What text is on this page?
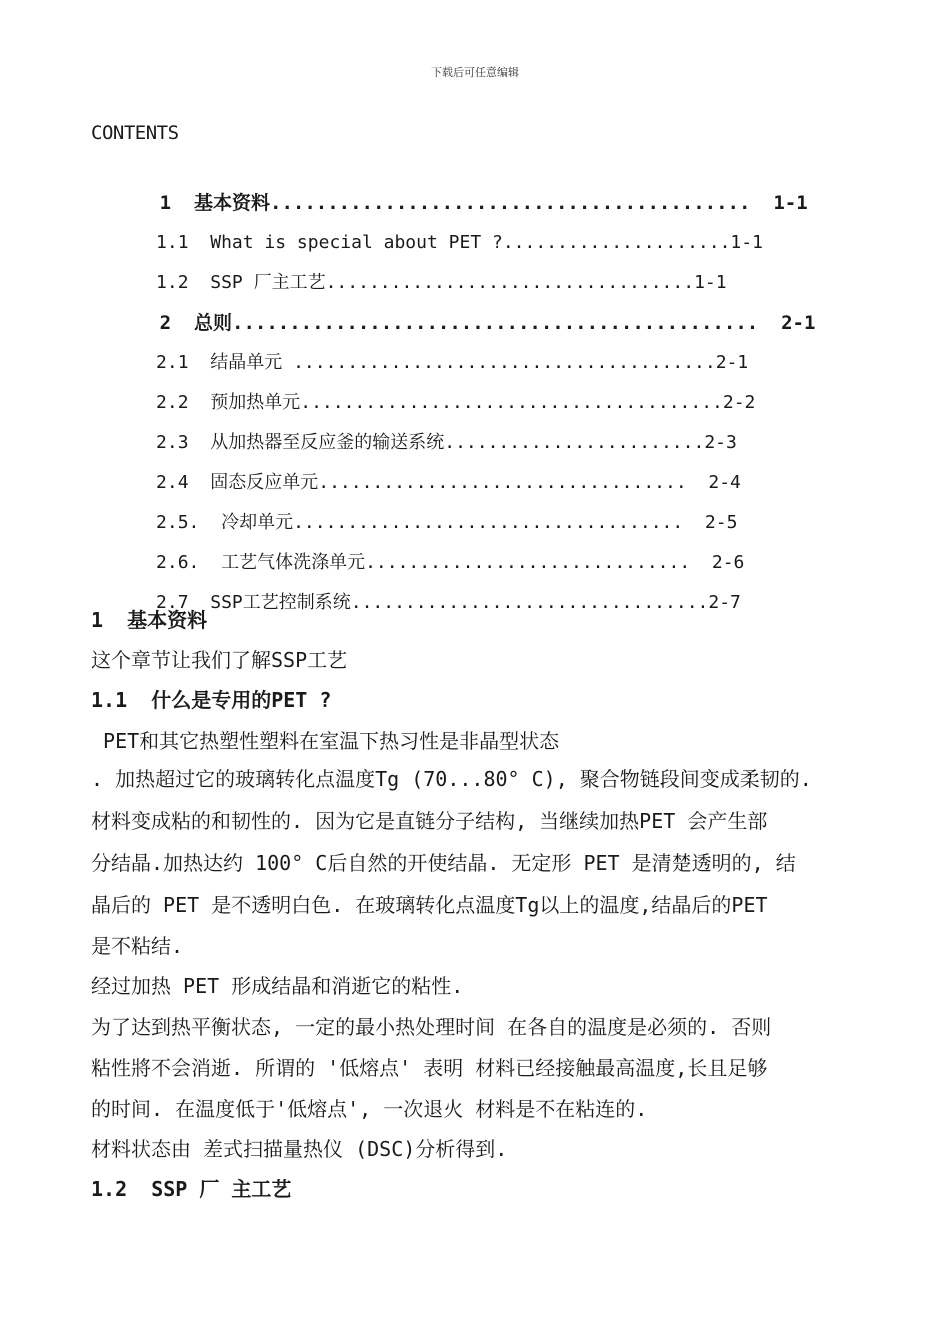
下载后可任意编辑
CONTENTS

1 基本资料..........................................  1-1

1.1 What is special about PET ?.....................1-1

1.2 SSP 厂主工艺..................................1-1

2 总则..............................................  2-1

2.1 结晶单元 .......................................2-1

2.2 预加热单元.......................................2-2

2.3 从加热器至反应釜的输送系统........................2-3

2.4 固态反应单元..................................  2-4

2.5. 冷却单元....................................  2-5

2.6. 工艺气体洗涤单元..............................  2-6

2.7 SSP工艺控制系统.................................2-7

1  基本资料
这个章节让我们了解SSP工艺
1.1  什么是专用的PET ?
PET和其它热塑性塑料在室温下热习性是非晶型状态
. 加热超过它的玻璃转化点温度Tg (70...80° C), 聚合物链段间变成柔韧的.
材料变成粘的和韧性的. 因为它是直链分子结构, 当继续加热PET 会产生部
分结晶.加热达约 100° C后自然的开使结晶. 无定形 PET 是清楚透明的, 结
晶后的 PET 是不透明白色. 在玻璃转化点温度Tg以上的温度,结晶后的PET
是不粘结.
经过加热 PET 形成结晶和消逝它的粘性.
为了达到热平衡状态, 一定的最小热处理时间 在各自的温度是必须的. 否则
粘性將不会消逝. 所谓的 '低熔点' 表明 材料已经接触最高温度,长且足够
的时间. 在温度低于'低熔点', 一次退火 材料是不在粘连的.
材料状态由 差式扫描量热仪 (DSC)分析得到.
1.2  SSP 厂 主工艺
